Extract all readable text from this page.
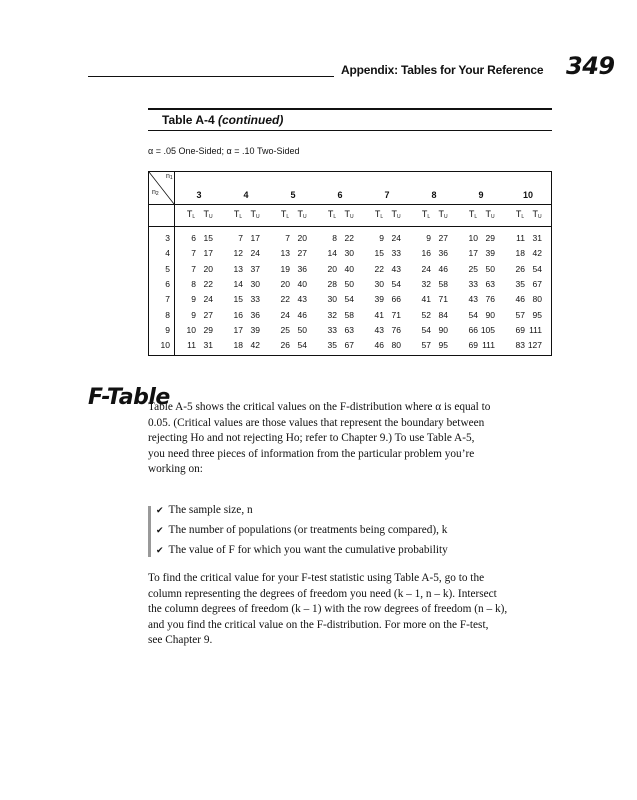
Appendix: Tables for Your Reference 349
Table A-4 (continued)
α = .05 One-Sided; α = .10 Two-Sided
$n_1$
$n_2$	3	4	5	6	7	8	9	10
$T_L$ $T_U$	$T_L$ $T_U$	$T_L$ $T_U$	$T_L$ $T_U$	$T_L$ $T_U$	$T_L$ $T_U$	$T_L$ $T_U$	$T_L$ $T_U$
3	6 15	7 17	7 20	8 22	9 24	9 27	10 29	11 31
4	7 17	12 24	13 27	14 30	15 33	16 36	17 39	18 42
5	7 20	13 37	19 36	20 40	22 43	24 46	25 50	26 54
6	8 22	14 30	20 40	28 50	30 54	32 58	33 63	35 67
7	9 24	15 33	22 43	30 54	39 66	41 71	43 76	46 80
8	9 27	16 36	24 46	32 58	41 71	52 84	54 90	57 95
9	10 29	17 39	25 50	33 63	43 76	54 90	66 105	69 111
10	11 31	18 42	26 54	35 67	46 80	57 95	69 111	83 127
F-Table

Table A-5 shows the critical values on the F-distribution where α is equal to

0.05. (Critical values are those values that represent the boundary between

rejecting Ho and not rejecting Ho; refer to Chapter 9.) To use Table A-5,

you need three pieces of information from the particular problem you’re

working on:

✔ The sample size, n
✔ The number of populations (or treatments being compared), k
✔ The value of F for which you want the cumulative probability

To find the critical value for your F-test statistic using Table A-5, go to the

column representing the degrees of freedom you need (k – 1, n – k). Intersect

the column degrees of freedom (k – 1) with the row degrees of freedom (n – k),

and you find the critical value on the F-distribution. For more on the F-test,

see Chapter 9.
